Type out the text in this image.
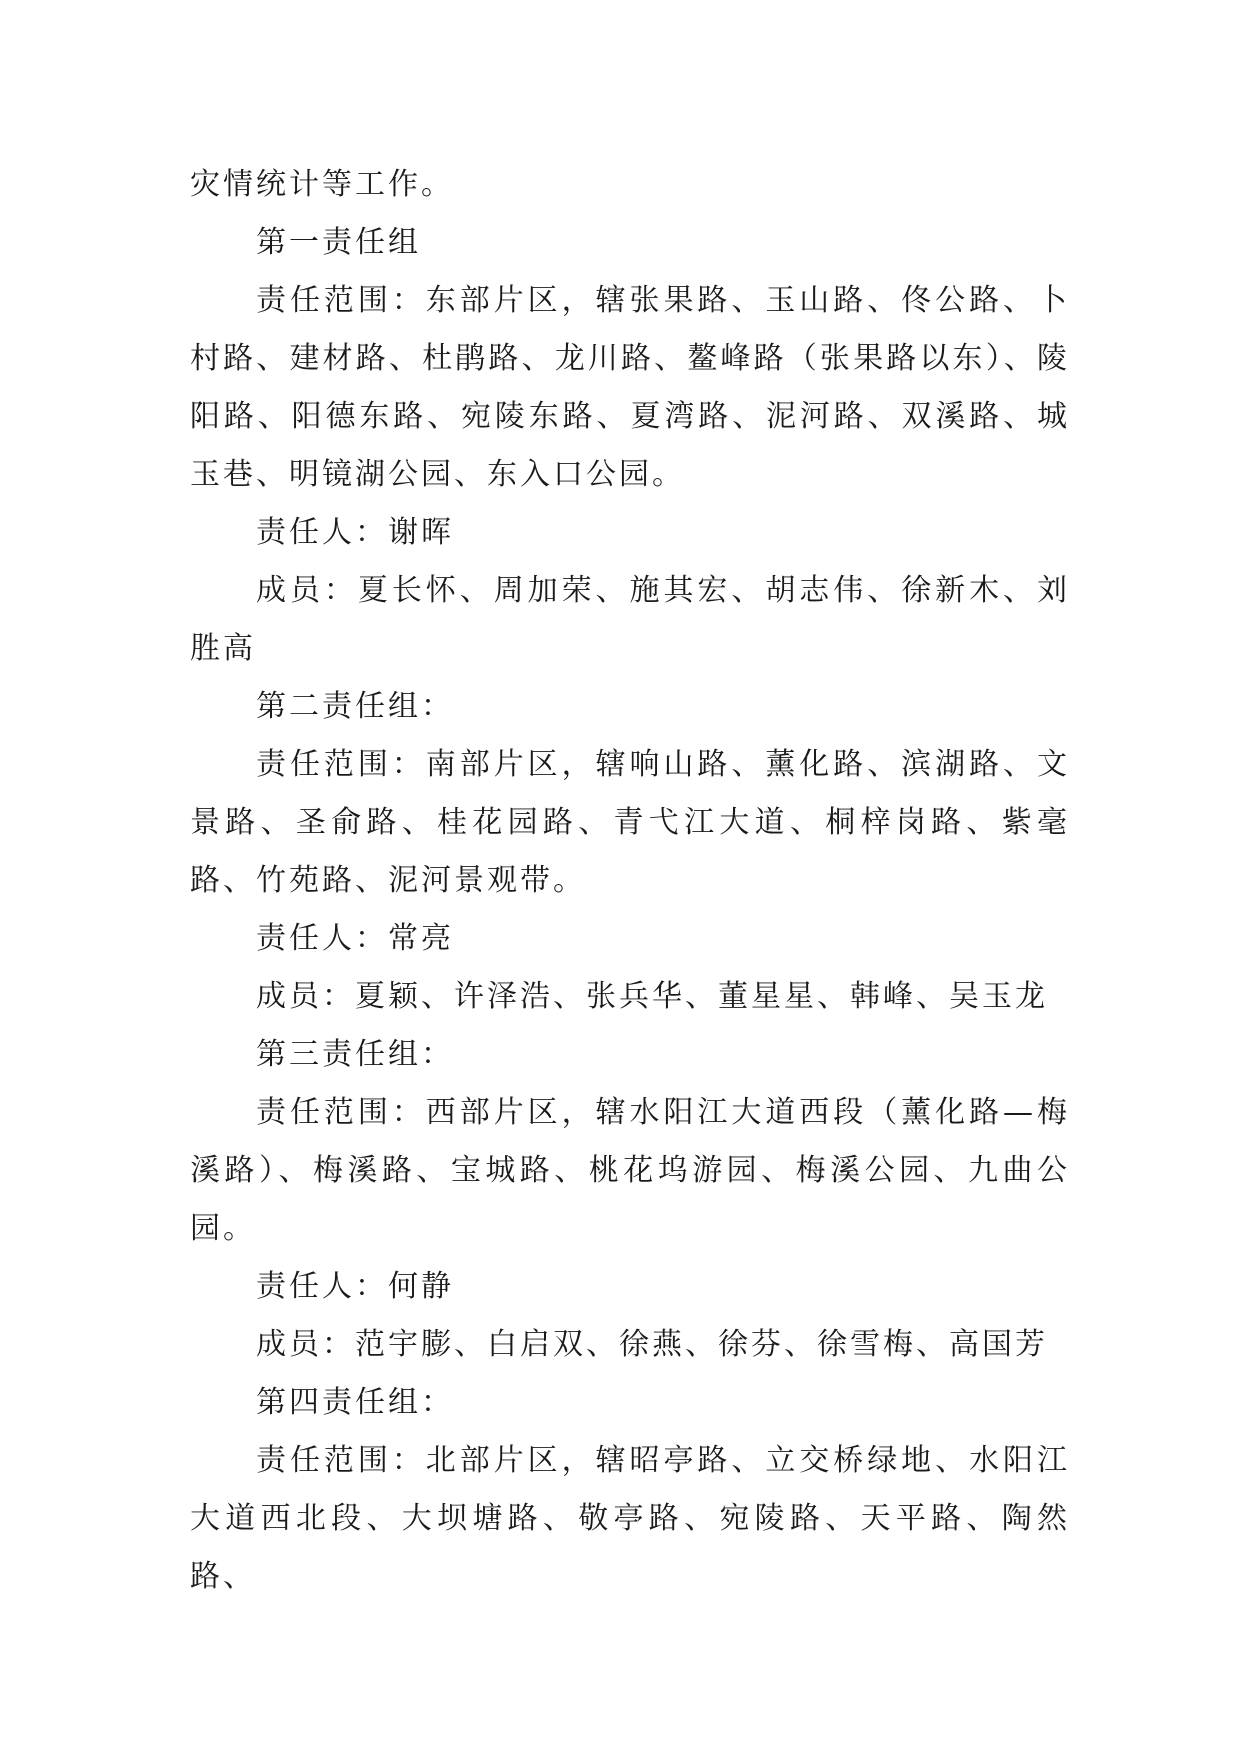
灾情统计等工作。

第一责任组

责任范围：东部片区，辖张果路、玉山路、佟公路、卜村路、建材路、杜鹃路、龙川路、鳌峰路（张果路以东）、陵阳路、阳德东路、宛陵东路、夏湾路、泥河路、双溪路、城玉巷、明镜湖公园、东入口公园。

责任人：谢晖

成员：夏长怀、周加荣、施其宏、胡志伟、徐新木、刘胜高

第二责任组：

责任范围：南部片区，辖响山路、薰化路、滨湖路、文景路、圣俞路、桂花园路、青弋江大道、桐梓岗路、紫毫路、竹苑路、泥河景观带。

责任人：常亮

成员：夏颖、许泽浩、张兵华、董星星、韩峰、吴玉龙

第三责任组：

责任范围：西部片区，辖水阳江大道西段（薰化路—梅溪路）、梅溪路、宝城路、桃花坞游园、梅溪公园、九曲公园。

责任人：何静

成员：范宇膨、白启双、徐燕、徐芬、徐雪梅、高国芳

第四责任组：

责任范围：北部片区，辖昭亭路、立交桥绿地、水阳江大道西北段、大坝塘路、敬亭路、宛陵路、天平路、陶然路、
